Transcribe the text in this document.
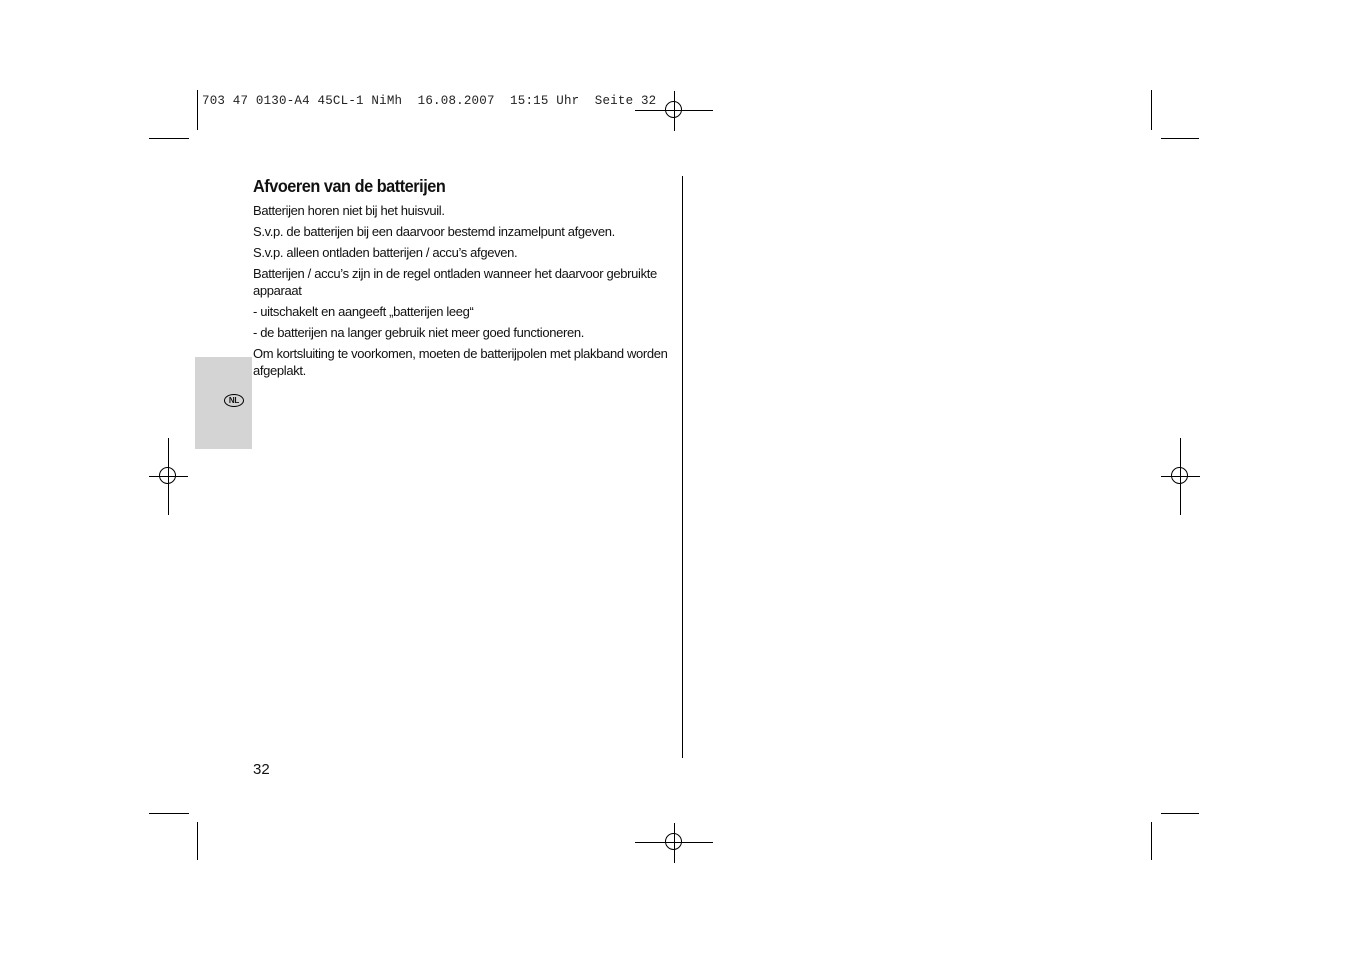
703 47 0130-A4 45CL-1 NiMh  16.08.2007  15:15 Uhr  Seite 32
NL
Afvoeren van de batterijen

Batterijen horen niet bij het huisvuil.

S.v.p. de batterijen bij een daarvoor bestemd inzamelpunt afgeven.

S.v.p. alleen ontladen batterijen / accu’s afgeven.

Batterijen / accu’s zijn in de regel ontladen wanneer het daarvoor gebruikte apparaat

- uitschakelt en aangeeft „batterijen leeg“

- de batterijen na langer gebruik niet meer goed functioneren.

Om kortsluiting te voorkomen, moeten de batterijpolen met plakband worden afgeplakt.

32
